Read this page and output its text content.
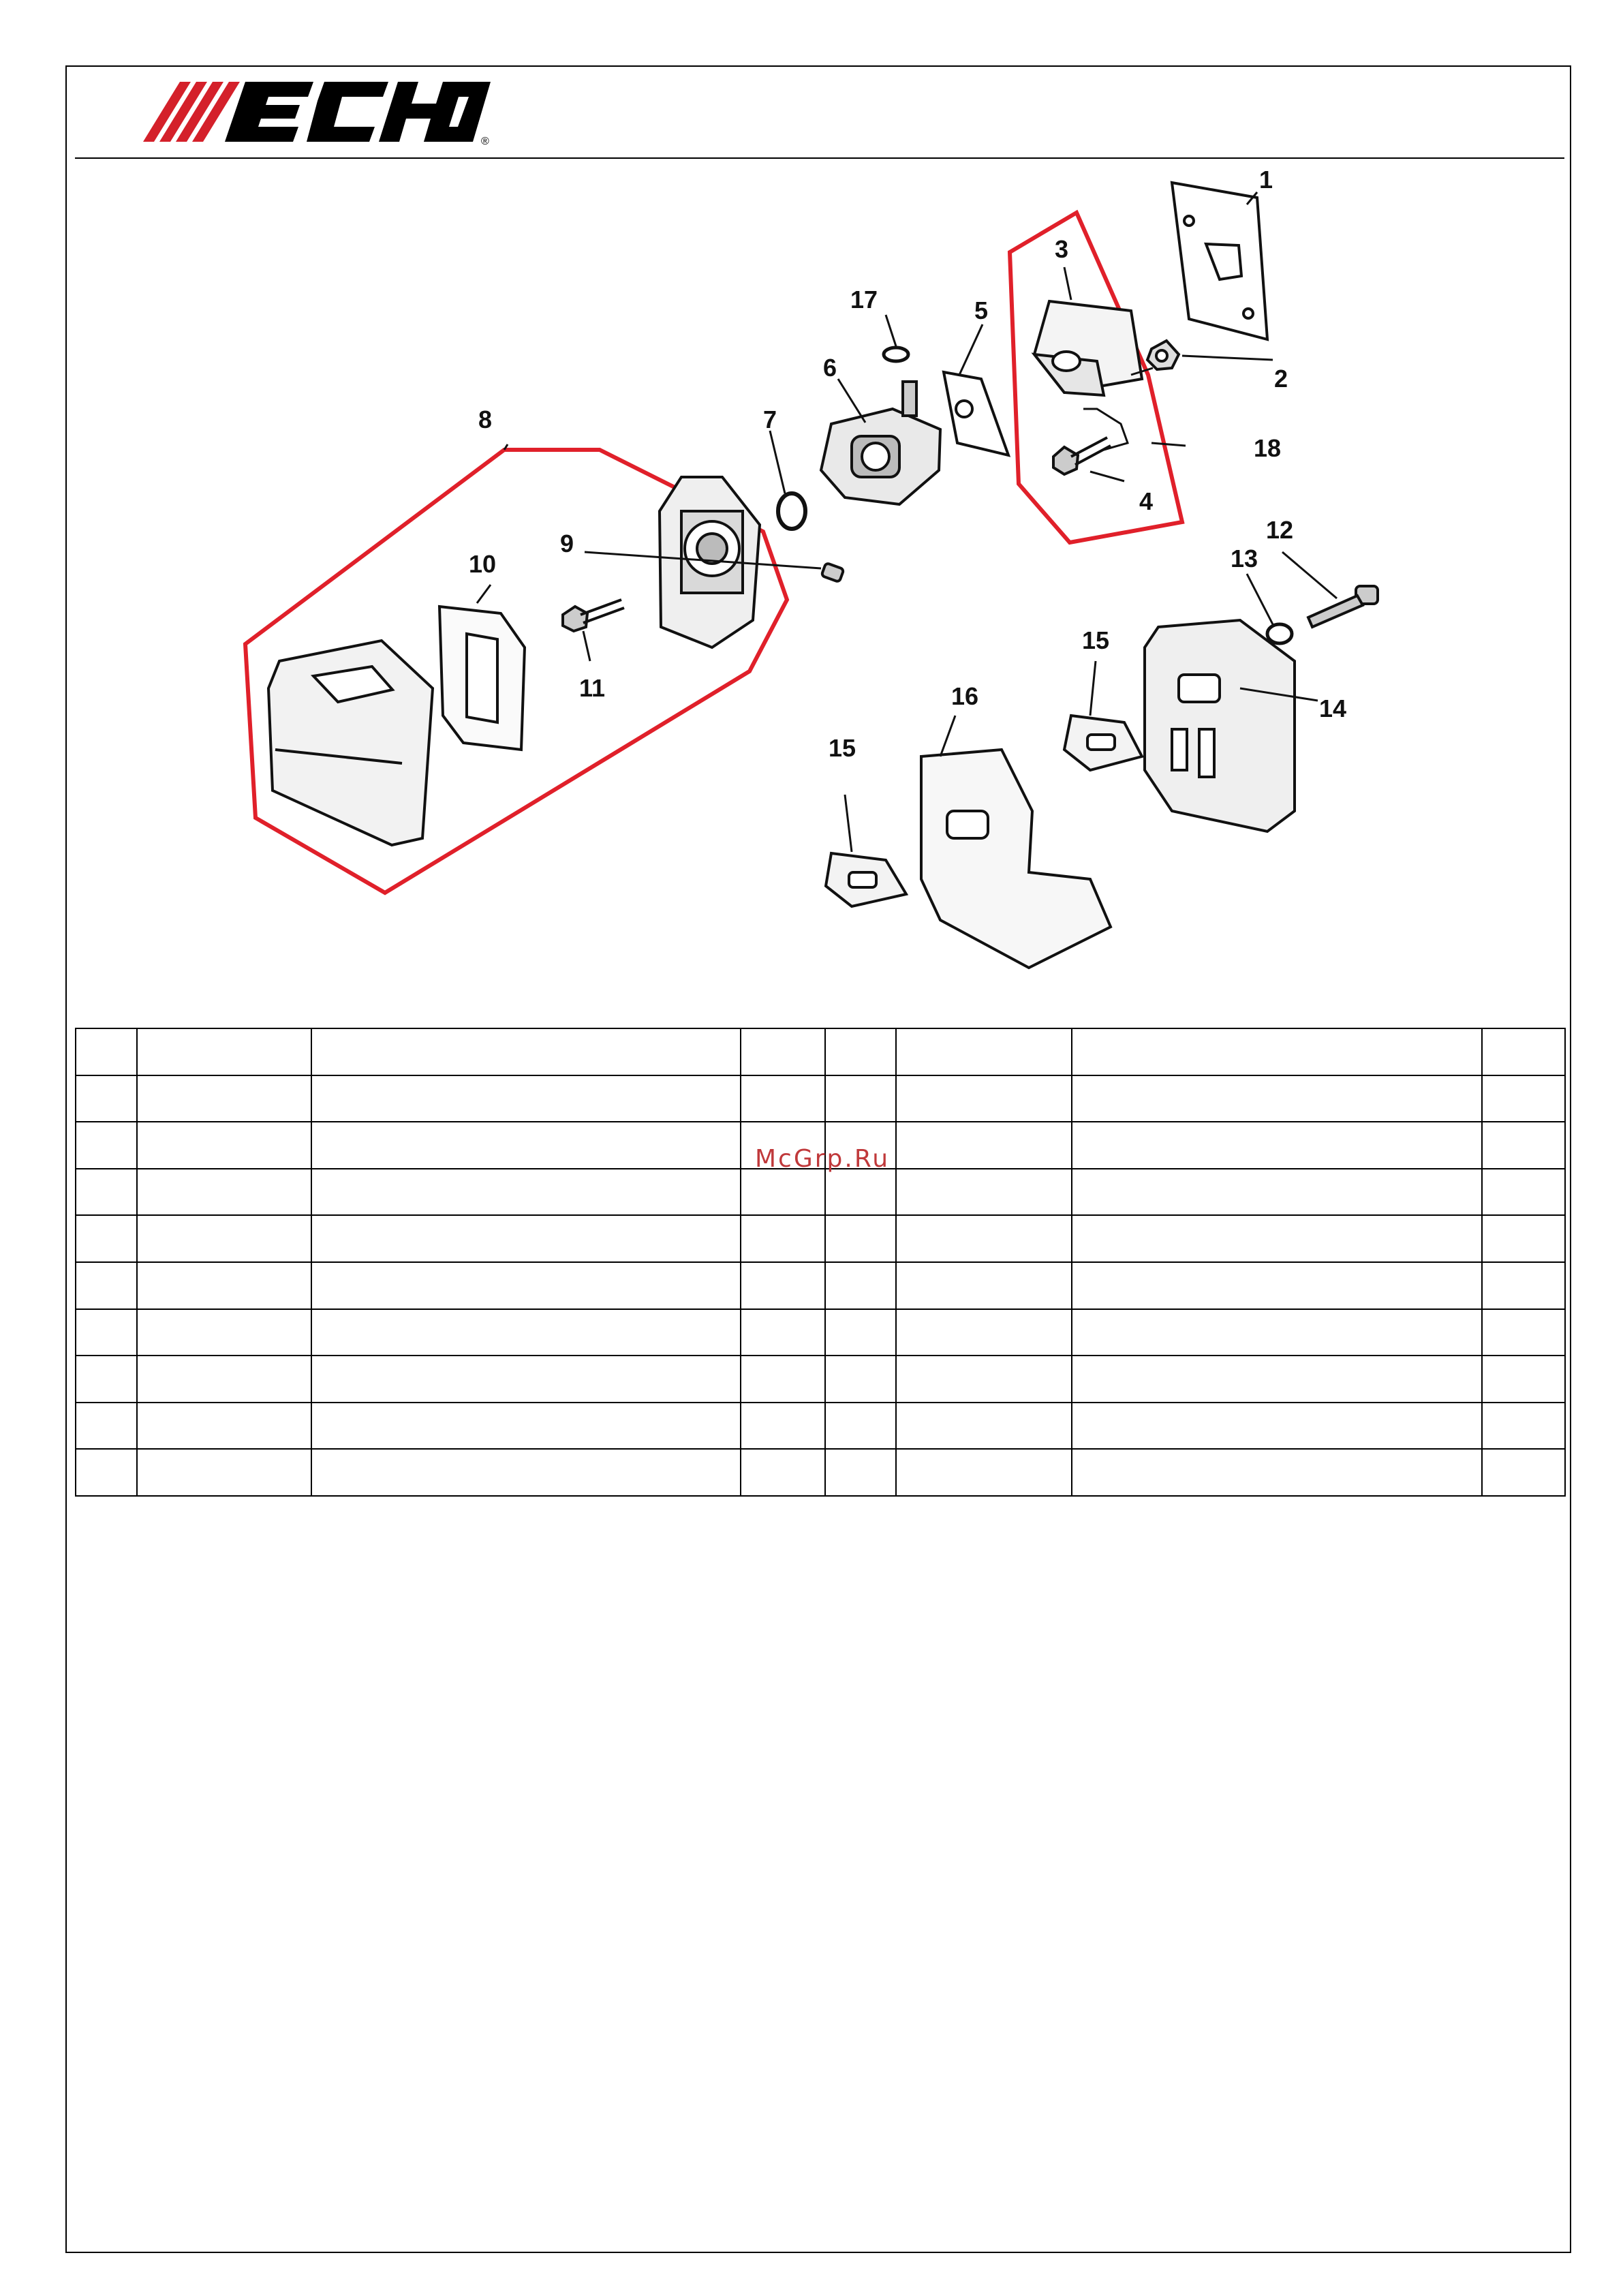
®
1
2
3
4
5
6
7
8
9
10
11
12
13
14
15
15
16
17
18

McGrp.Ru
